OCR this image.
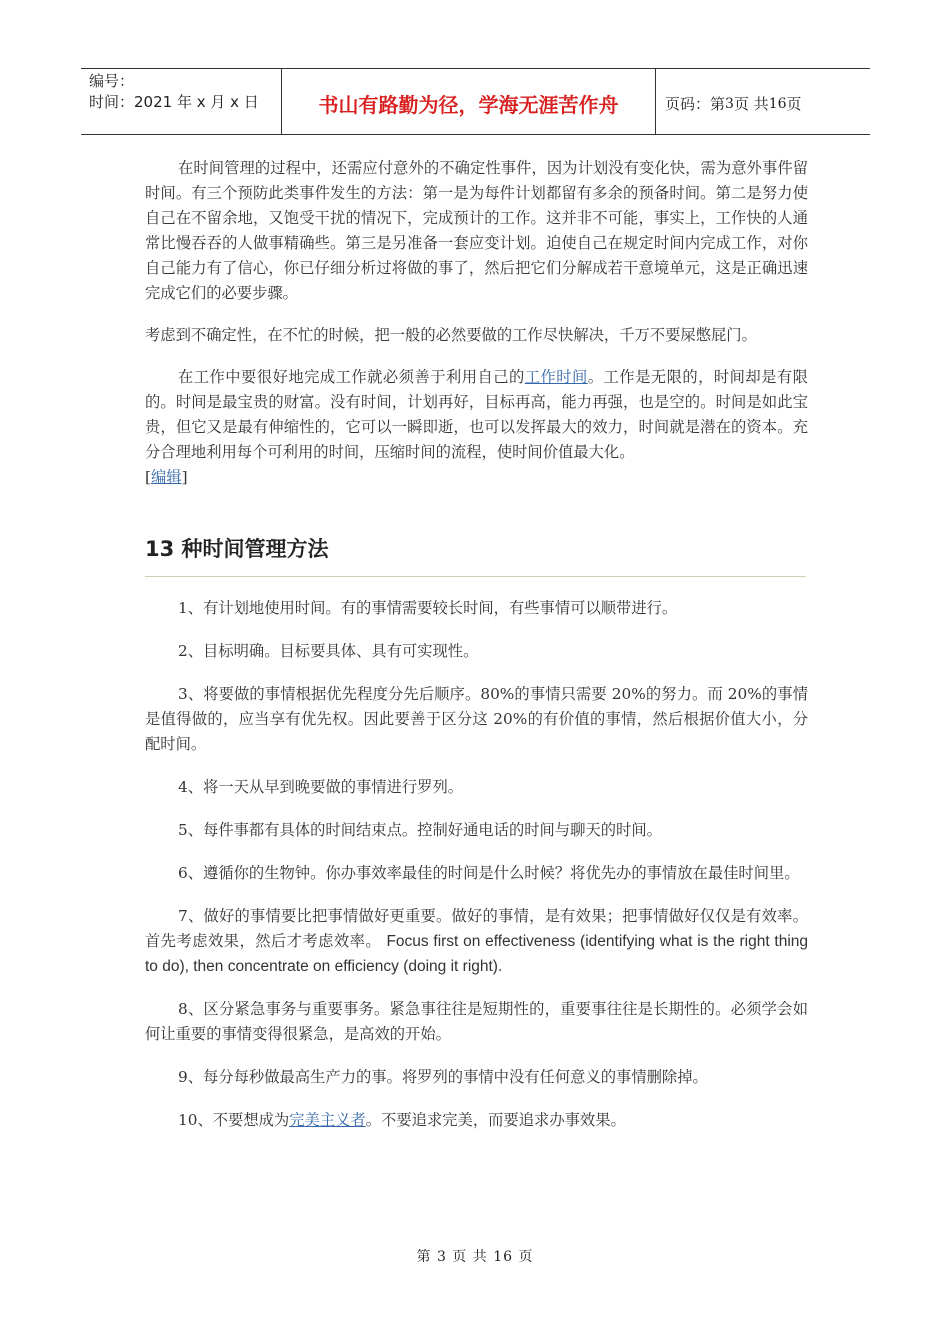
编号：
时间：2021 年 x 月 x 日	书山有路勤为径，学海无涯苦作舟	页码：第 3 页 共 16 页

在时间管理的过程中，还需应付意外的不确定性事件，因为计划没有变化快，需为意外事件留时间。有三个预防此类事件发生的方法：第一是为每件计划都留有多余的预备时间。第二是努力使自己在不留余地，又饱受干扰的情况下，完成预计的工作。这并非不可能，事实上，工作快的人通常比慢吞吞的人做事精确些。第三是另准备一套应变计划。迫使自己在规定时间内完成工作，对你自己能力有了信心，你已仔细分析过将做的事了，然后把它们分解成若干意境单元，这是正确迅速完成它们的必要步骤。

考虑到不确定性，在不忙的时候，把一般的必然要做的工作尽快解决，千万不要屎憋屁门。

在工作中要很好地完成工作就必须善于利用自己的工作时间。工作是无限的，时间却是有限的。时间是最宝贵的财富。没有时间，计划再好，目标再高，能力再强，也是空的。时间是如此宝贵，但它又是最有伸缩性的，它可以一瞬即逝，也可以发挥最大的效力，时间就是潜在的资本。充分合理地利用每个可利用的时间，压缩时间的流程，使时间价值最大化。

[编辑]

13 种时间管理方法

1、有计划地使用时间。有的事情需要较长时间，有些事情可以顺带进行。

2、目标明确。目标要具体、具有可实现性。

3、将要做的事情根据优先程度分先后顺序。80%的事情只需要 20%的努力。而 20%的事情是值得做的，应当享有优先权。因此要善于区分这 20%的有价值的事情，然后根据价值大小，分配时间。

4、将一天从早到晚要做的事情进行罗列。

5、每件事都有具体的时间结束点。控制好通电话的时间与聊天的时间。

6、遵循你的生物钟。你办事效率最佳的时间是什么时候？将优先办的事情放在最佳时间里。

7、做好的事情要比把事情做好更重要。做好的事情，是有效果；把事情做好仅仅是有效率。首先考虑效果，然后才考虑效率。 Focus first on effectiveness (identifying what is the right thing to do), then concentrate on efficiency (doing it right).

8、区分紧急事务与重要事务。紧急事往往是短期性的，重要事往往是长期性的。必须学会如何让重要的事情变得很紧急，是高效的开始。

9、每分每秒做最高生产力的事。将罗列的事情中没有任何意义的事情删除掉。

10、不要想成为完美主义者。不要追求完美，而要追求办事效果。

第 3 页 共 16 页
